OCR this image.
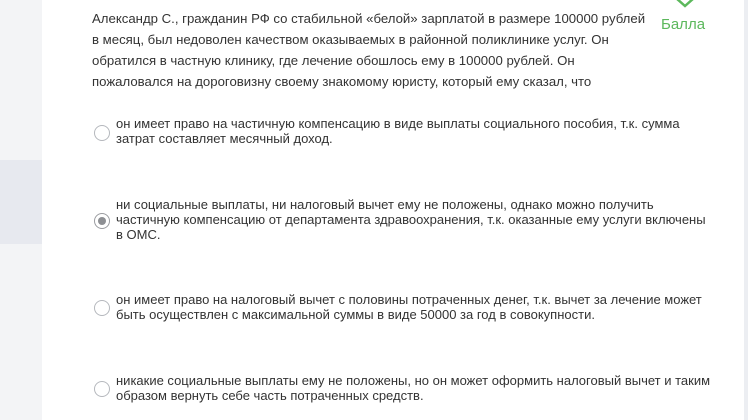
Балла
Александр С., гражданин РФ со стабильной «белой» зарплатой в размере 100000 рублей в месяц, был недоволен качеством оказываемых в районной поликлинике услуг. Он обратился в частную клинику, где лечение обошлось ему в 100000 рублей. Он пожаловался на дороговизну своему знакомому юристу, который ему сказал, что
он имеет право на частичную компенсацию в виде выплаты социального пособия, т.к. сумма затрат составляет месячный доход.
ни социальные выплаты, ни налоговый вычет ему не положены, однако можно получить частичную компенсацию от департамента здравоохранения, т.к. оказанные ему услуги включены в ОМС.
он имеет право на налоговый вычет с половины потраченных денег, т.к. вычет за лечение может быть осуществлен с максимальной суммы в виде 50000 за год в совокупности.
никакие социальные выплаты ему не положены, но он может оформить налоговый вычет и таким образом вернуть себе часть потраченных средств.
